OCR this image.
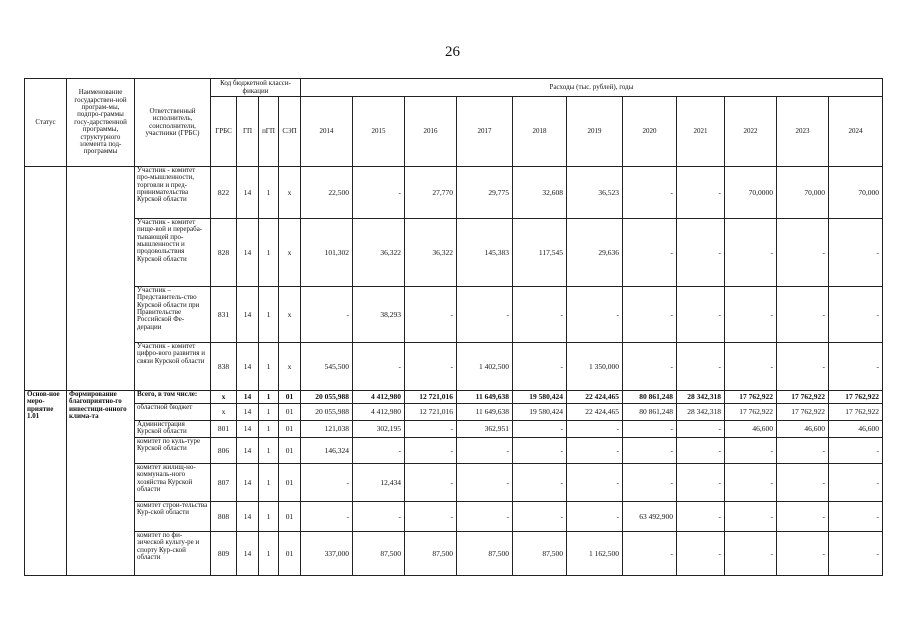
26
Статус	Наименование государствен-ной програм-мы, подпро-граммы госу-дарственной программы, структурного элемента под-программы	Ответственный исполнитель, соисполнители, участники (ГРБС)	Код бюджетной класси-фикации				Расходы (тыс. рублей), годы										
			ГРБС	ГП	пГП	СЭП	2014	2015	2016	2017	2018	2019	2020	2021	2022	2023	2024
		Участник - комитет про-мышленности, торговли и пред-принимательства Курской области	822	14	1	х	22,500	-	27,770	29,775	32,608	36,523	-	-	70,0000	70,000	70,000
		Участник - комитет пище-вой и перераба-тывающей про-мышленности и продовольствия Курской области	828	14	1	х	101,302	36,322	36,322	145,383	117,545	29,636	-	-	-	-	-
		Участник – Представитель-ство Курской области при Правительстве Российской Фе-дерации	831	14	1	х	-	38,293	-	-	-	-	-	-	-	-	-
		Участник - комитет цифро-вого развития и связи Курской области	838	14	1	х	545,500	-	-	1 402,500	-	1 350,000	-	-	-	-	-
Основ-ное меро-приятие 1.01	Формирование благоприятно-го инвестици-онного клима-та	Всего, в том числе:	х	14	1	01	20 055,988	4 412,980	12 721,016	11 649,638	19 580,424	22 424,465	80 861,248	28 342,318	17 762,922	17 762,922	17 762,922
		областной бюджет	х	14	1	01	20 055,988	4 412,980	12 721,016	11 649,638	19 580,424	22 424,465	80 861,248	28 342,318	17 762,922	17 762,922	17 762,922
		Администрация Курской области	801	14	1	01	121,038	302,195	-	362,951	-	-	-	-	46,600	46,600	46,600
		комитет по куль-туре Курской области	806	14	1	01	146,324	-	-	-	-	-	-	-	-	-	-
		комитет жилищ-но-коммуналь-ного хозяйства Курской области	807	14	1	01	-	12,434	-	-	-	-	-	-	-	-	-
		комитет строи-тельства Кур-ской области	808	14	1	01	-	-	-	-	-	-	63 492,900	-	-	-	-
		комитет по фи-зической культу-ре и спорту Кур-ской области	809	14	1	01	337,000	87,500	87,500	87,500	87,500	1 162,500	-	-	-	-	-
